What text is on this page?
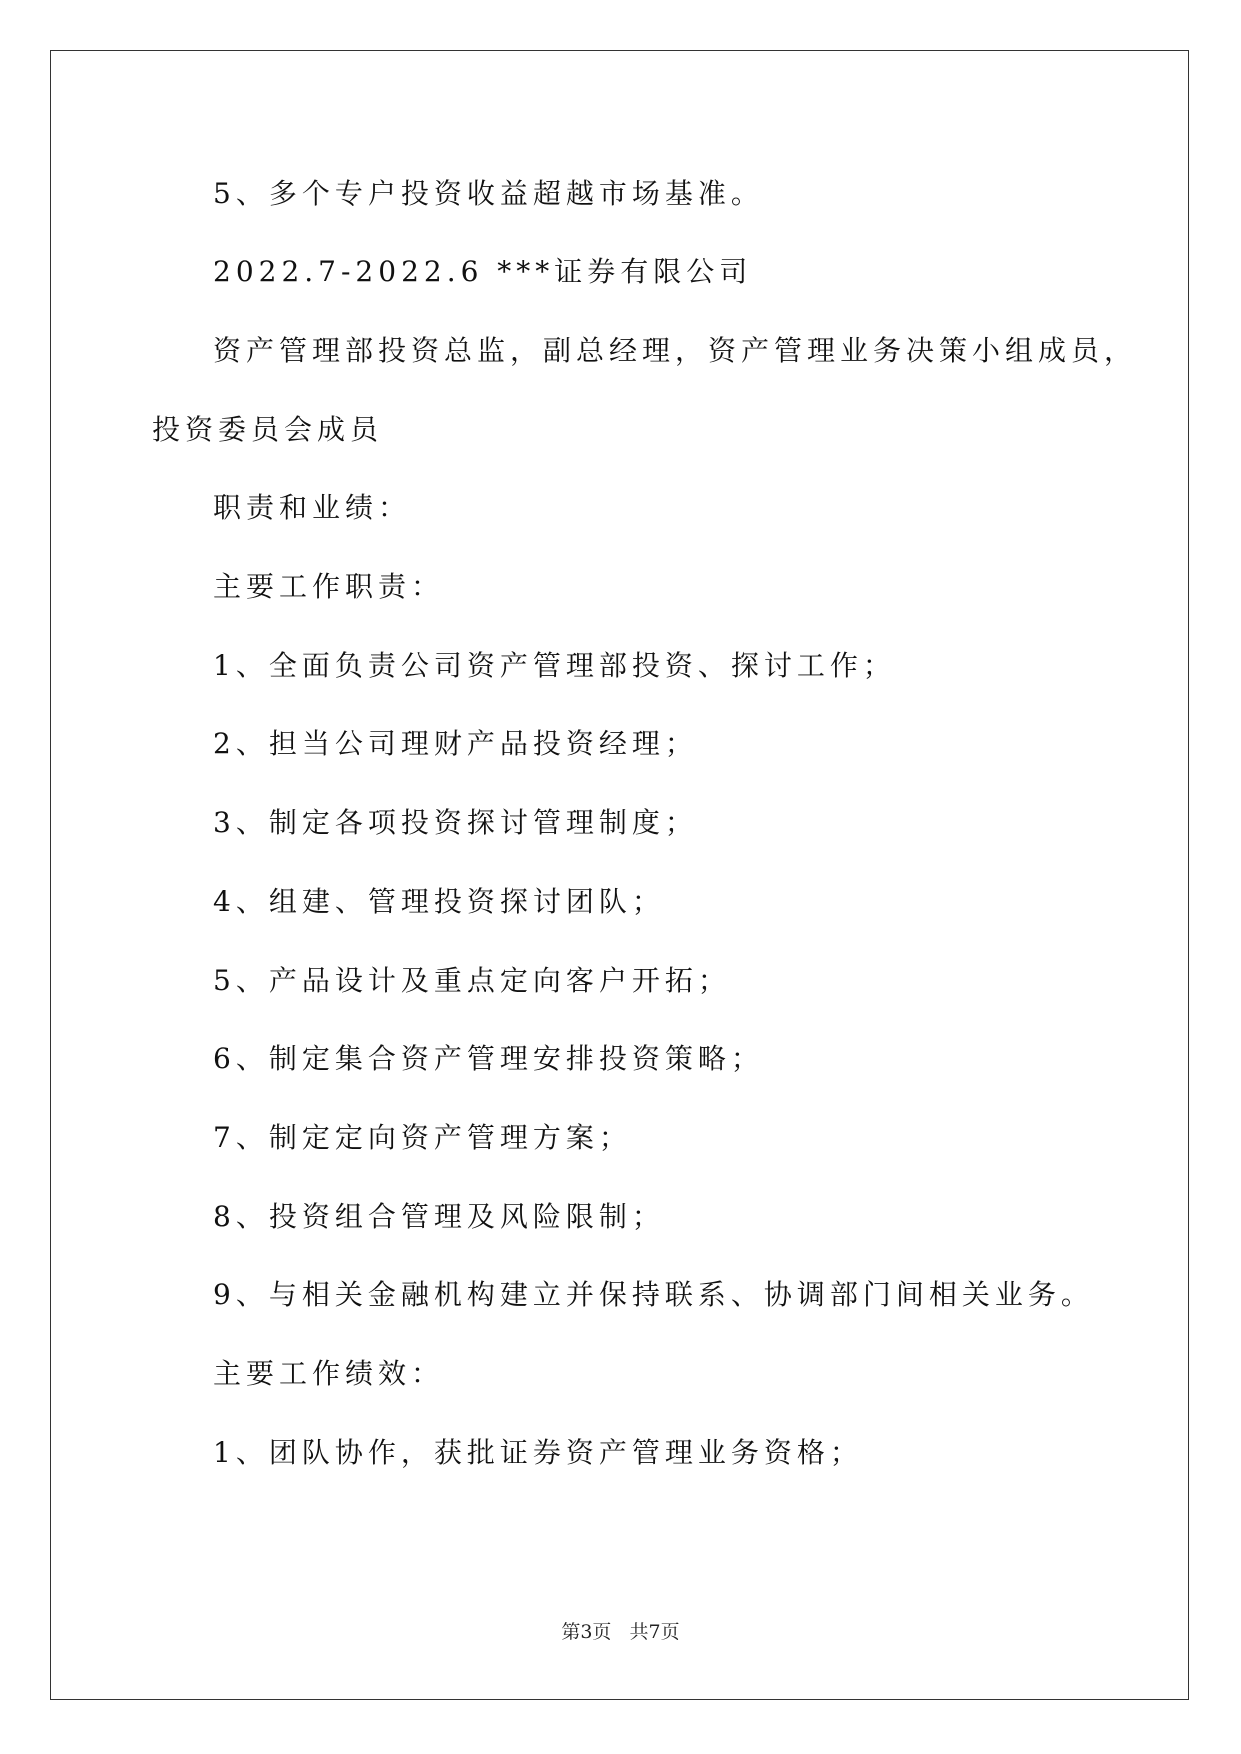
5、多个专户投资收益超越市场基准。
2022.7-2022.6 ***证券有限公司
资产管理部投资总监，副总经理，资产管理业务决策小组成员，
投资委员会成员
职责和业绩：
主要工作职责：
1、全面负责公司资产管理部投资、探讨工作；
2、担当公司理财产品投资经理；
3、制定各项投资探讨管理制度；
4、组建、管理投资探讨团队；
5、产品设计及重点定向客户开拓；
6、制定集合资产管理安排投资策略；
7、制定定向资产管理方案；
8、投资组合管理及风险限制；
9、与相关金融机构建立并保持联系、协调部门间相关业务。
主要工作绩效：
1、团队协作，获批证券资产管理业务资格；
第3页   共7页
